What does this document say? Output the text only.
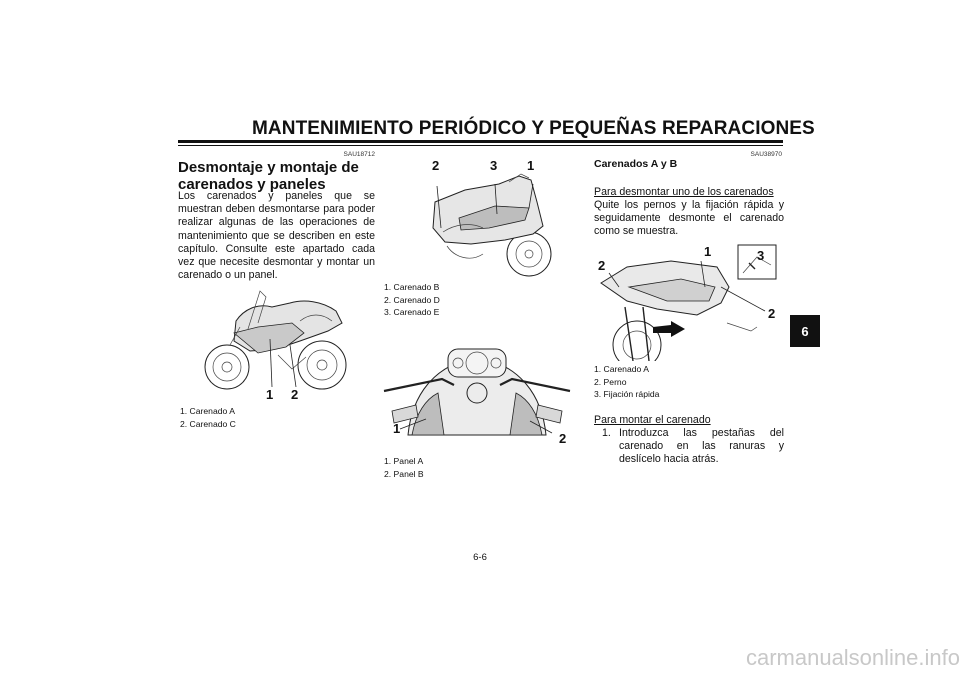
MANTENIMIENTO PERIÓDICO Y PEQUEÑAS REPARACIONES
SAU18712
Desmontaje y montaje de carenados y paneles
Los carenados y paneles que se muestran deben desmontarse para poder realizar algunas de las operaciones de mantenimiento que se describen en este capítulo. Consulte este apartado cada vez que necesite desmontar y montar un carenado o un panel.
1 2
1. Carenado A
2. Carenado C
2	3 1
1. Carenado B
2. Carenado D
3. Carenado E
1
2
1. Panel A
2. Panel B
SAU38970
Carenados A y B
Para desmontar uno de los carenados
Quite los pernos y la fijación rápida y seguidamente desmonte el carenado como se muestra.
2
1	3
2
1. Carenado A
2. Perno
3. Fijación rápida
Para montar el carenado
1. Introduzca las pestañas del carenado en las ranuras y deslícelo hacia atrás.
6
6-6
carmanualsonline.info
